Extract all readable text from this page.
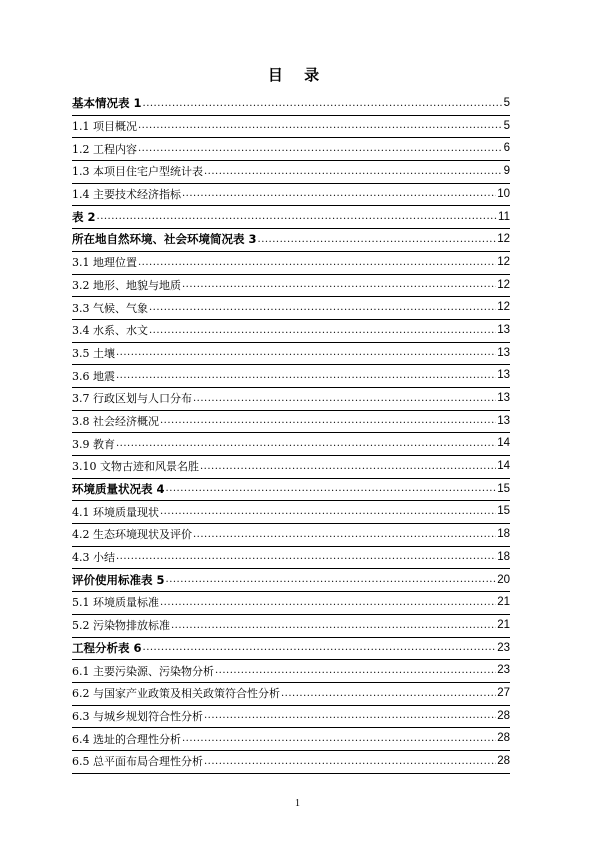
目 录
基本情况表 1 .....	5
1.1 项目概况 .....	5
1.2 工程内容 .....	6
1.3 本项目住宅户型统计表 .....	9
1.4 主要技术经济指标 .....	10
表 2 .....	11
所在地自然环境、社会环境简况表 3 .....	12
3.1 地理位置 .....	12
3.2 地形、地貌与地质 .....	12
3.3 气候、气象 .....	12
3.4 水系、水文 .....	13
3.5 土壤 .....	13
3.6 地震 .....	13
3.7 行政区划与人口分布 .....	13
3.8 社会经济概况 .....	13
3.9 教育 .....	14
3.10 文物古迹和风景名胜 .....	14
环境质量状况表 4 .....	15
4.1 环境质量现状 .....	15
4.2 生态环境现状及评价 .....	18
4.3 小结 .....	18
评价使用标准表 5 .....	20
5.1 环境质量标准 .....	21
5.2 污染物排放标准 .....	21
工程分析表 6 .....	23
6.1 主要污染源、污染物分析 .....	23
6.2 与国家产业政策及相关政策符合性分析 .....	27
6.3 与城乡规划符合性分析 .....	28
6.4 选址的合理性分析 .....	28
6.5 总平面布局合理性分析 .....	28
1
